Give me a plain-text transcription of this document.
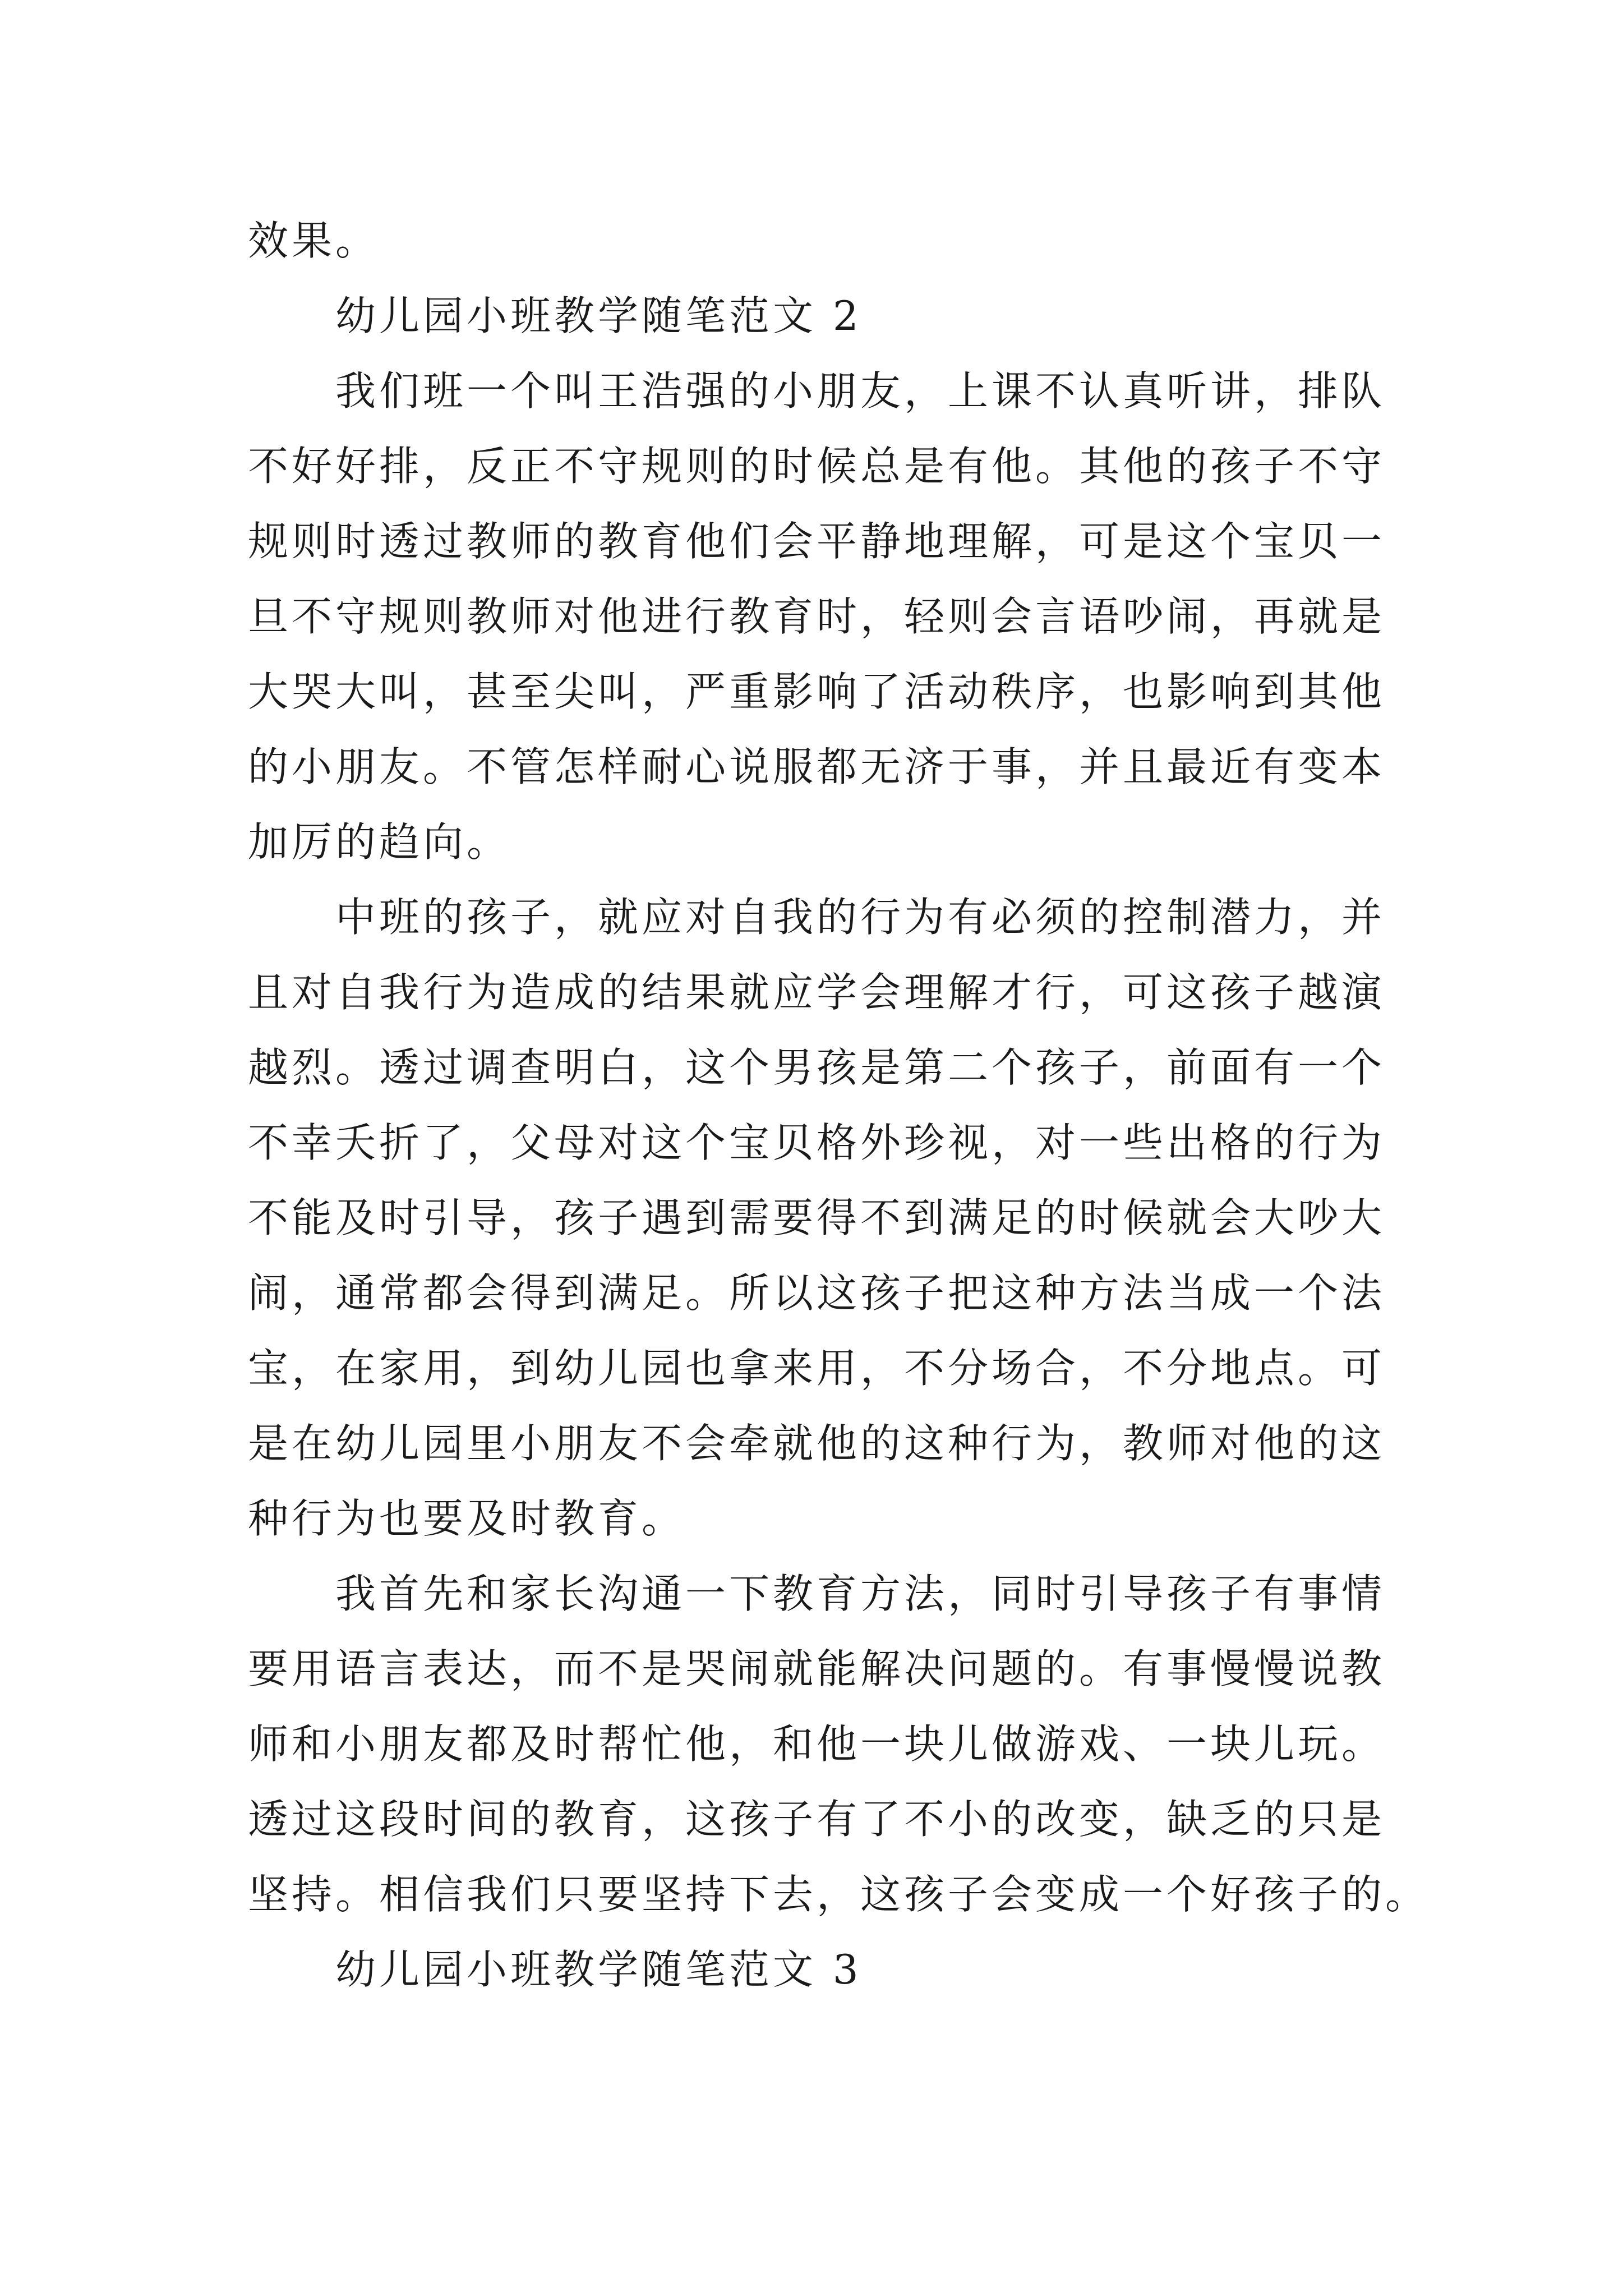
效果。
幼儿园小班教学随笔范文 2
我们班一个叫王浩强的小朋友，上课不认真听讲，排队
不好好排，反正不守规则的时候总是有他。其他的孩子不守
规则时透过教师的教育他们会平静地理解，可是这个宝贝一
旦不守规则教师对他进行教育时，轻则会言语吵闹，再就是
大哭大叫，甚至尖叫，严重影响了活动秩序，也影响到其他
的小朋友。不管怎样耐心说服都无济于事，并且最近有变本
加厉的趋向。
中班的孩子，就应对自我的行为有必须的控制潜力，并
且对自我行为造成的结果就应学会理解才行，可这孩子越演
越烈。透过调查明白，这个男孩是第二个孩子，前面有一个
不幸夭折了，父母对这个宝贝格外珍视，对一些出格的行为
不能及时引导，孩子遇到需要得不到满足的时候就会大吵大
闹，通常都会得到满足。所以这孩子把这种方法当成一个法
宝，在家用，到幼儿园也拿来用，不分场合，不分地点。可
是在幼儿园里小朋友不会牵就他的这种行为，教师对他的这
种行为也要及时教育。
我首先和家长沟通一下教育方法，同时引导孩子有事情
要用语言表达，而不是哭闹就能解决问题的。有事慢慢说教
师和小朋友都及时帮忙他，和他一块儿做游戏、一块儿玩。
透过这段时间的教育，这孩子有了不小的改变，缺乏的只是
坚持。相信我们只要坚持下去，这孩子会变成一个好孩子的。
幼儿园小班教学随笔范文 3
